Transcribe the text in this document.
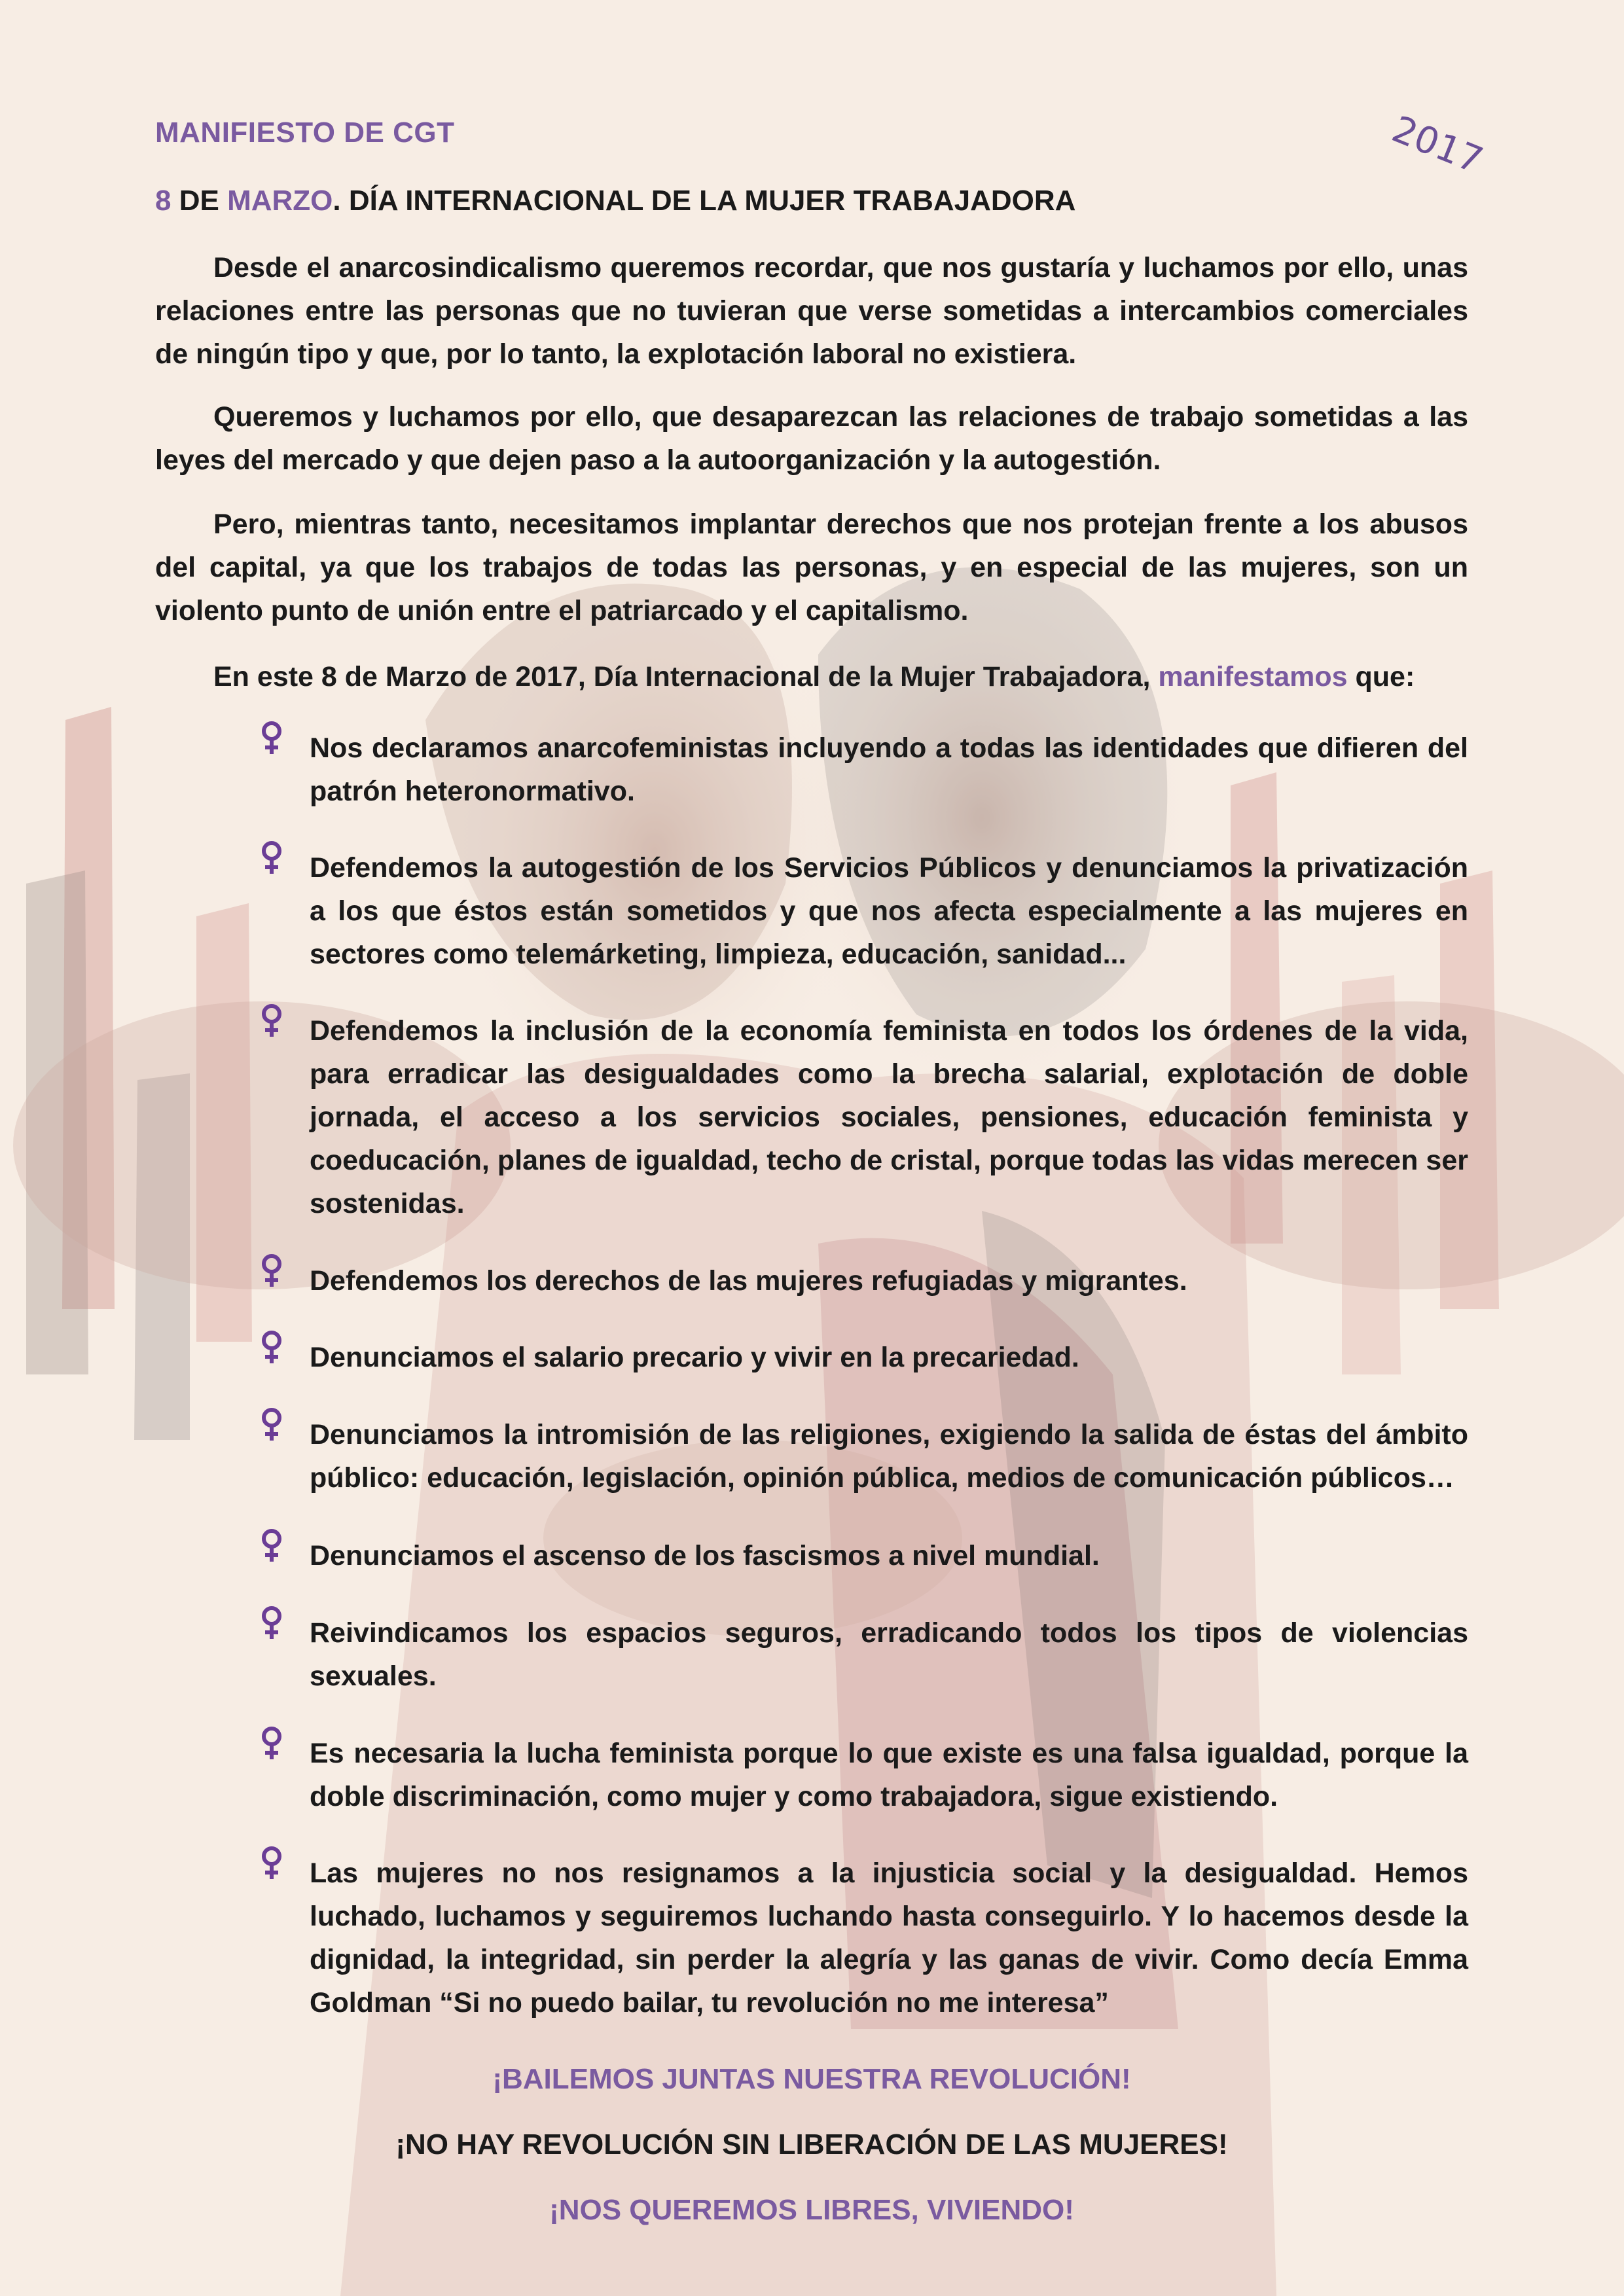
MANIFIESTO DE CGT	2017
8 DE MARZO. DÍA INTERNACIONAL DE LA MUJER TRABAJADORA
Desde el anarcosindicalismo queremos recordar, que nos gustaría y luchamos por ello, unas relaciones entre las personas que no tuvieran que verse sometidas a intercambios comerciales de ningún tipo y que, por lo tanto, la explotación laboral no existiera.
Queremos y luchamos por ello, que desaparezcan las relaciones de trabajo sometidas a las leyes del mercado y que dejen paso a la autoorganización y la autogestión.
Pero, mientras tanto, necesitamos implantar derechos que nos protejan frente a los abusos del capital, ya que los trabajos de todas las personas, y en especial de las mujeres, son un violento punto de unión entre el patriarcado y el capitalismo.
En este 8 de Marzo de 2017, Día Internacional de la Mujer Trabajadora, manifestamos que:
Nos declaramos anarcofeministas incluyendo a todas las identidades que difieren del patrón heteronormativo.
Defendemos la autogestión de los Servicios Públicos y denunciamos la privatización a los que éstos están sometidos y que nos afecta especialmente a las mujeres en sectores como telemárketing, limpieza, educación, sanidad...
Defendemos la inclusión de la economía feminista en todos los órdenes de la vida, para erradicar las desigualdades como la brecha salarial, explotación de doble jornada, el acceso a los servicios sociales, pensiones, educación feminista y coeducación, planes de igualdad, techo de cristal, porque todas las vidas merecen ser sostenidas.
Defendemos los derechos de las mujeres refugiadas y migrantes.
Denunciamos el salario precario y vivir en la precariedad.
Denunciamos la intromisión de las religiones, exigiendo la salida de éstas del ámbito público: educación, legislación, opinión pública, medios de comunicación públicos…
Denunciamos el ascenso de los fascismos a nivel mundial.
Reivindicamos los espacios seguros, erradicando todos los tipos de violencias sexuales.
Es necesaria la lucha feminista porque lo que existe es una falsa igualdad, porque la doble discriminación, como mujer y como trabajadora, sigue existiendo.
Las mujeres no nos resignamos a la injusticia social y la desigualdad. Hemos luchado, luchamos y seguiremos luchando hasta conseguirlo. Y lo hacemos desde la dignidad, la integridad, sin perder la alegría y las ganas de vivir. Como decía Emma Goldman “Si no puedo bailar, tu revolución no me interesa”
¡BAILEMOS JUNTAS NUESTRA REVOLUCIÓN!
¡NO HAY REVOLUCIÓN SIN LIBERACIÓN DE LAS MUJERES!
¡NOS QUEREMOS LIBRES, VIVIENDO!
